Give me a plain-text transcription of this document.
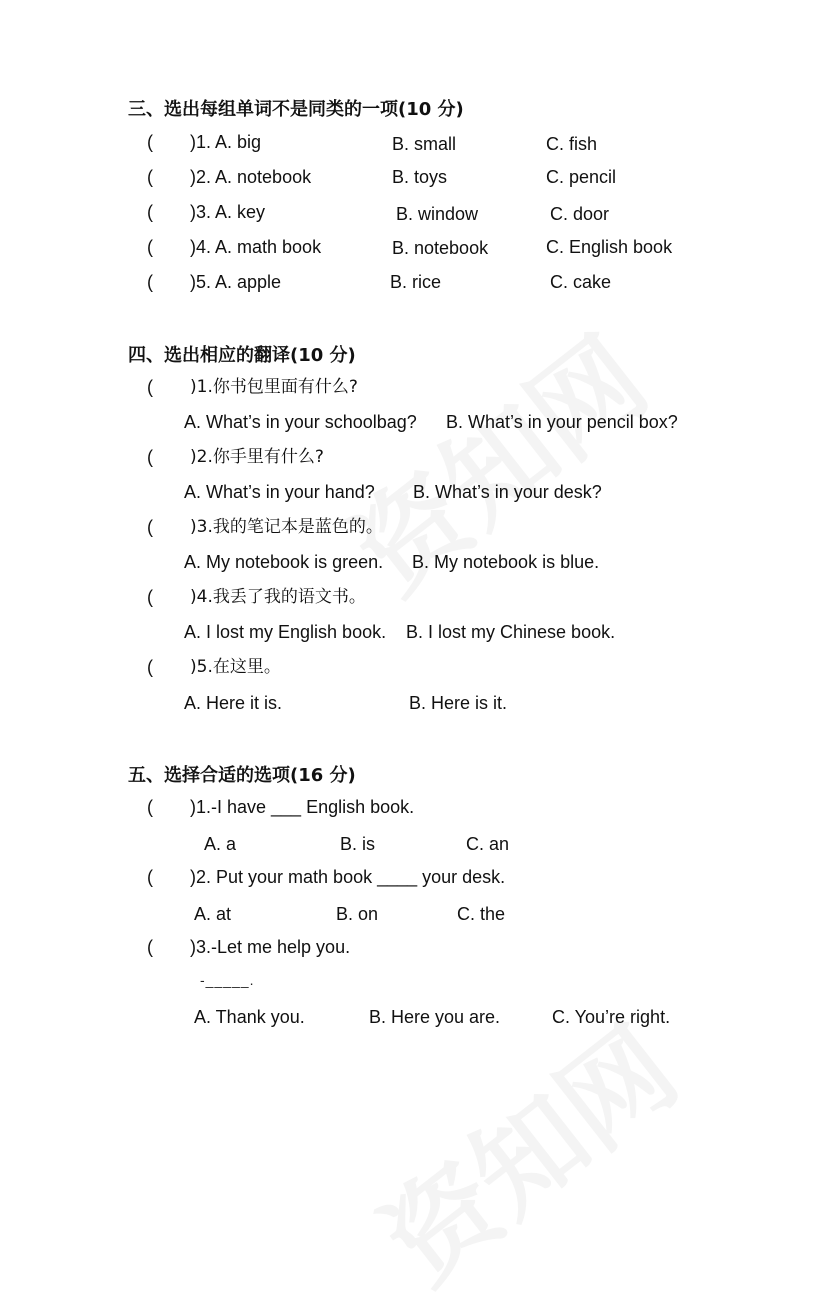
三、选出每组单词不是同类的一项(10 分)
( )1. A. big	B. small	C. fish
( )2. A. notebook	B. toys	C. pencil
( )3. A. key	B. window	C. door
( )4. A. math book	B. notebook	C. English book
( )5. A. apple	B. rice	C. cake
四、选出相应的翻译(10 分)
( )1.你书包里面有什么?
A. What’s in your schoolbag? B. What’s in your pencil box?
( )2.你手里有什么?
A. What’s in your hand? B. What’s in your desk?
( )3.我的笔记本是蓝色的。
A. My notebook is green. B. My notebook is blue.
( )4.我丢了我的语文书。
A. I lost my English book. B. I lost my Chinese book.
( )5.在这里。
A. Here it is.	B. Here is it.
五、选择合适的选项(16 分)
( )1.-I have ___ English book.
A. a	B. is	C. an
( )2. Put your math book ____ your desk.
A. at	B. on	C. the
( )3.-Let me help you.
-_____.
A. Thank you.	B. Here you are.	C. You’re right.
